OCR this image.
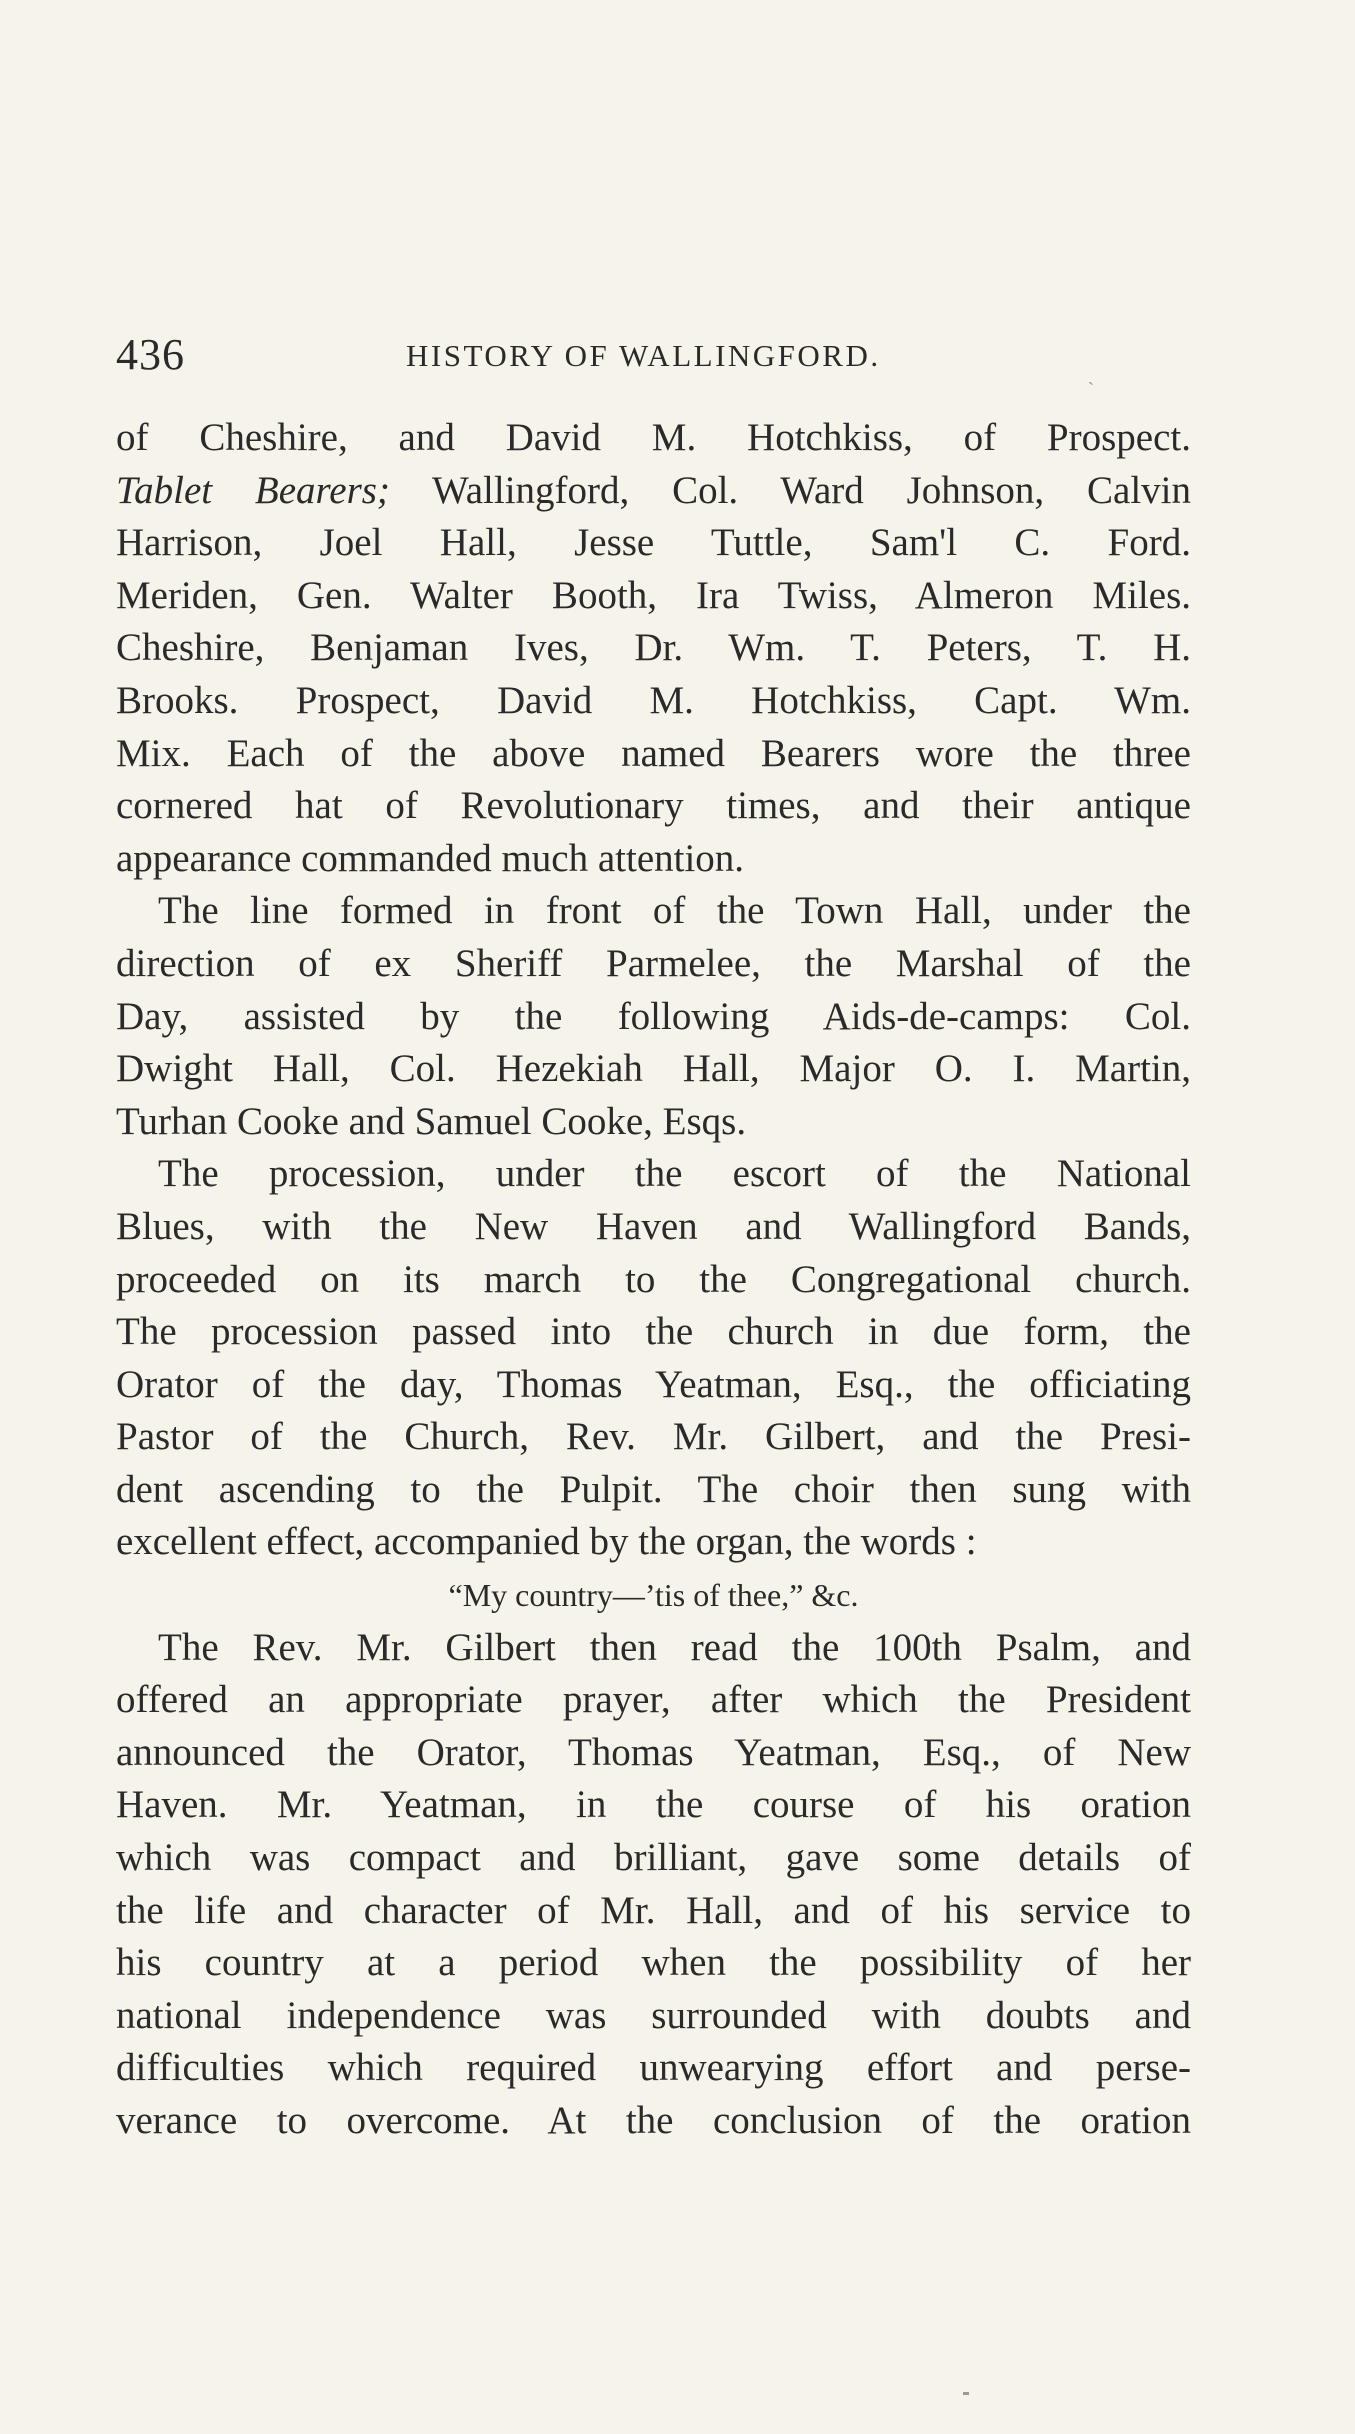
436	HISTORY OF WALLINGFORD.
ˎ
of Cheshire, and David M. Hotchkiss, of Prospect.
Tablet Bearers; Wallingford, Col. Ward Johnson, Calvin
Harrison, Joel Hall, Jesse Tuttle, Sam'l C. Ford.
Meriden, Gen. Walter Booth, Ira Twiss, Almeron Miles.
Cheshire, Benjaman Ives, Dr. Wm. T. Peters, T. H.
Brooks. Prospect, David M. Hotchkiss, Capt. Wm.
Mix. Each of the above named Bearers wore the three
cornered hat of Revolutionary times, and their antique
appearance commanded much attention.
The line formed in front of the Town Hall, under the
direction of ex Sheriff Parmelee, the Marshal of the
Day, assisted by the following Aids-de-camps: Col.
Dwight Hall, Col. Hezekiah Hall, Major O. I. Martin,
Turhan Cooke and Samuel Cooke, Esqs.
The procession, under the escort of the National
Blues, with the New Haven and Wallingford Bands,
proceeded on its march to the Congregational church.
The procession passed into the church in due form, the
Orator of the day, Thomas Yeatman, Esq., the officiating
Pastor of the Church, Rev. Mr. Gilbert, and the Presi-
dent ascending to the Pulpit. The choir then sung with
excellent effect, accompanied by the organ, the words :
“My country—’tis of thee,” &c.
The Rev. Mr. Gilbert then read the 100th Psalm, and
offered an appropriate prayer, after which the President
announced the Orator, Thomas Yeatman, Esq., of New
Haven. Mr. Yeatman, in the course of his oration
which was compact and brilliant, gave some details of
the life and character of Mr. Hall, and of his service to
his country at a period when the possibility of her
national independence was surrounded with doubts and
difficulties which required unwearying effort and perse-
verance to overcome. At the conclusion of the oration
